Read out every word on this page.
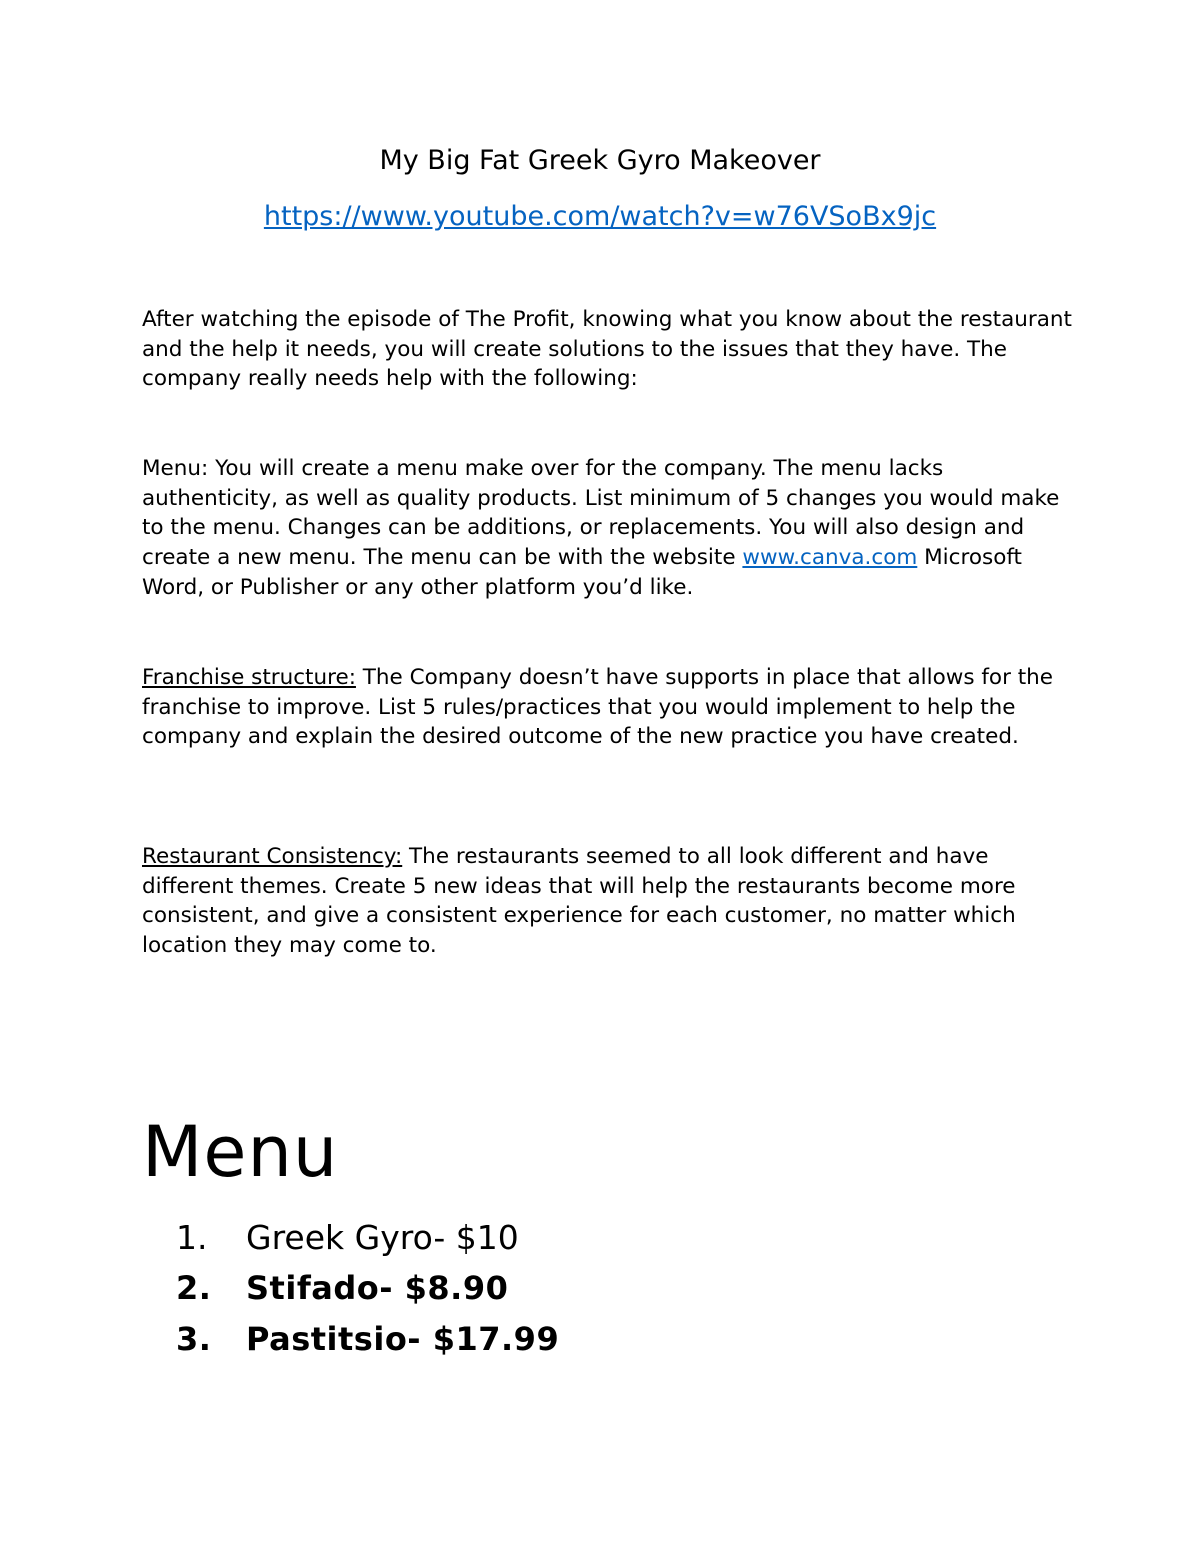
My Big Fat Greek Gyro Makeover
https://www.youtube.com/watch?v=w76VSoBx9jc

After watching the episode of The Profit, knowing what you know about the restaurant and the help it needs, you will create solutions to the issues that they have. The company really needs help with the following:

Menu: You will create a menu make over for the company. The menu lacks authenticity, as well as quality products. List minimum of 5 changes you would make to the menu. Changes can be additions, or replacements. You will also design and create a new menu. The menu can be with the website www.canva.com Microsoft Word, or Publisher or any other platform you’d like.

Franchise structure: The Company doesn’t have supports in place that allows for the franchise to improve. List 5 rules/practices that you would implement to help the company and explain the desired outcome of the new practice you have created.

Restaurant Consistency: The restaurants seemed to all look different and have different themes. Create 5 new ideas that will help the restaurants become more consistent, and give a consistent experience for each customer, no matter which location they may come to.

Menu
1. Greek Gyro- $10
2. Stifado- $8.90
3. Pastitsio- $17.99
